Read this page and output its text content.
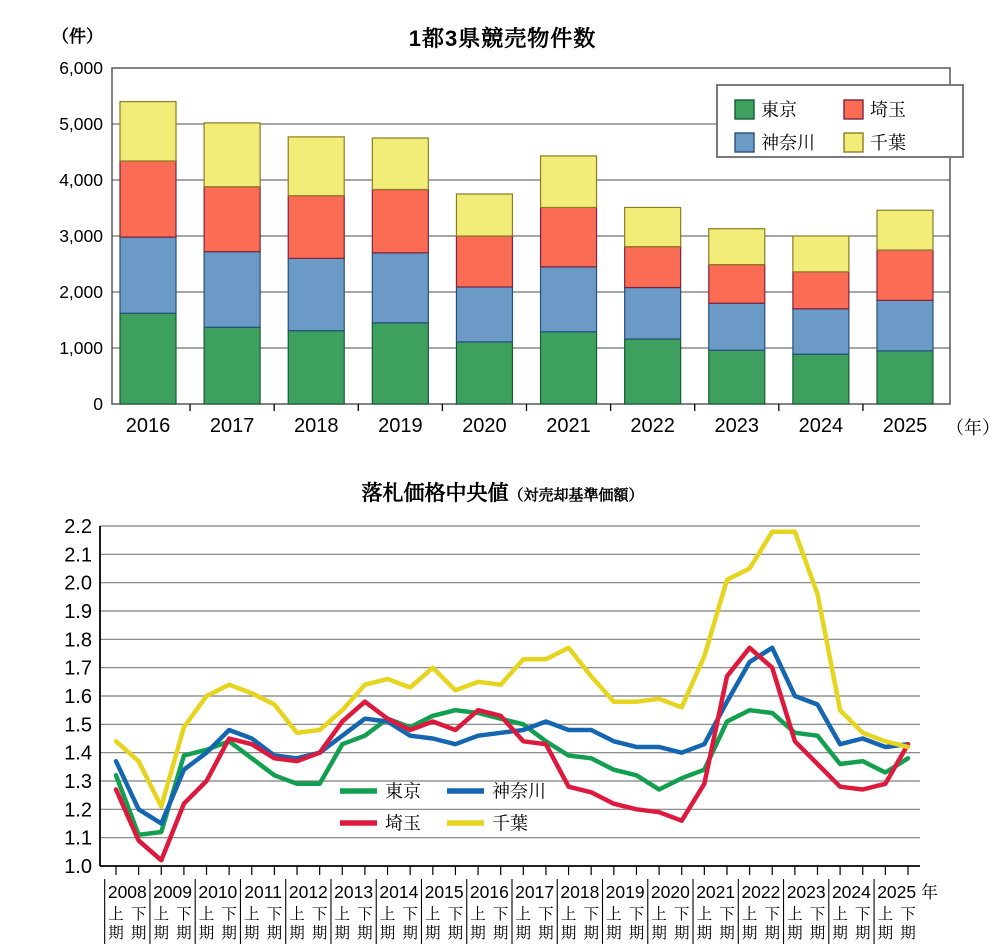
（件）	1都3県競売物件数
（年）
0
1,000
2,000
3,000
4,000
5,000
6,000
2016 2017 2018 2019 2020 2021 2022 2023 2024 2025
東京	埼玉
神奈川	千葉
落札価格中央値（対売却基準価額）
年
1.0
1.1
1.2
1.3
1.4
1.5
1.6
1.7
1.8
1.9
2.0
2.1
2.2
上
期
下
期
上
期
下
期
上
期
下
期
上
期
下
期
上
期
下
期
上
期
下
期
上
期
下
期
上
期
下
期
上
期
下
期
上
期
下
期
上
期
下
期
上
期
下
期
上
期
下
期
上
期
下
期
上
期
下
期
上
期
下
期
上
期
下
期
上
期
下
期
2008 2009 2010 2011 2012 2013 2014 2015 2016 2017 2018 2019 2020 2021 2022 2023 2024 2025
東京	神奈川
埼玉	千葉
